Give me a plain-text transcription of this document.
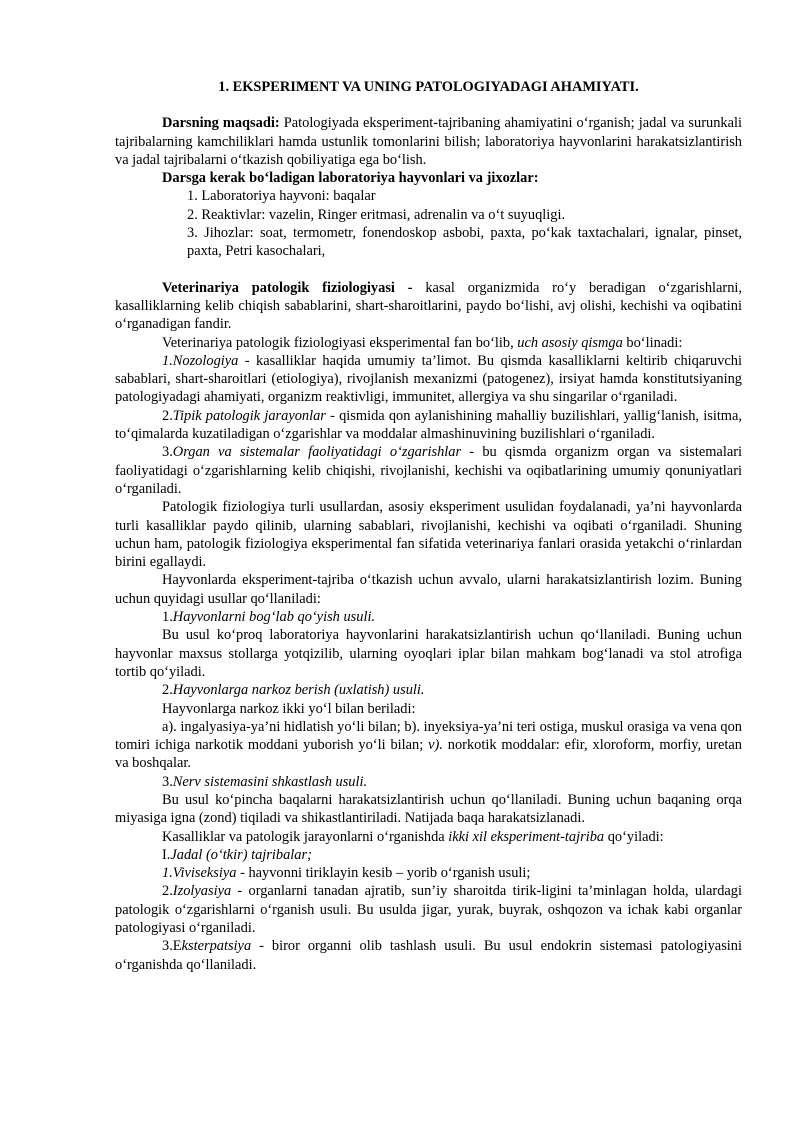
1. EKSPERIMENT VA UNING PATOLOGIYADAGI AHAMIYATI.

Darsning maqsadi: Patologiyada eksperiment-tajribaning ahamiyatini o‘rganish; jadal va surunkali tajribalarning kamchiliklari hamda ustunlik tomonlarini bilish; laboratoriya hayvonlarini harakatsizlantirish va jadal tajribalarni o‘tkazish qobiliyatiga ega bo‘lish.

Darsga kerak bo‘ladigan laboratoriya hayvonlari va jixozlar:

1. Laboratoriya hayvoni: baqalar

2. Reaktivlar: vazelin, Ringer eritmasi, adrenalin va o‘t suyuqligi.

3. Jihozlar: soat, termometr, fonendoskop asbobi, paxta, po‘kak taxtachalari, ignalar, pinset, paxta, Petri kasochalari,

Veterinariya patologik fiziologiyasi - kasal organizmida ro‘y beradigan o‘zgarishlarni, kasalliklarning kelib chiqish sabablarini, shart-sharoitlarini, paydo bo‘lishi, avj olishi, kechishi va oqibatini o‘rganadigan fandir.

Veterinariya patologik fiziologiyasi eksperimental fan bo‘lib, uch asosiy qismga bo‘linadi:

1.Nozologiya - kasalliklar haqida umumiy ta’limot. Bu qismda kasalliklarni keltirib chiqaruvchi sabablari, shart-sharoitlari (etiologiya), rivojlanish mexanizmi (patogenez), irsiyat hamda konstitutsiyaning patologiyadagi ahamiyati, organizm reaktivligi, immunitet, allergiya va shu singarilar o‘rganiladi.

2.Tipik patologik jarayonlar - qismida qon aylanishining mahalliy buzilishlari, yallig‘lanish, isitma, to‘qimalarda kuzatiladigan o‘zgarishlar va moddalar almashinuvining buzilishlari o‘rganiladi.

3.Organ va sistemalar faoliyatidagi o‘zgarishlar - bu qismda organizm organ va sistemalari faoliyatidagi o‘zgarishlarning kelib chiqishi, rivojlanishi, kechishi va oqibatlarining umumiy qonuniyatlari o‘rganiladi.

Patologik fiziologiya turli usullardan, asosiy eksperiment usulidan foydalanadi, ya’ni hayvonlarda turli kasalliklar paydo qilinib, ularning sabablari, rivojlanishi, kechishi va oqibati o‘rganiladi. Shuning uchun ham, patologik fiziologiya eksperimental fan sifatida veterinariya fanlari orasida yetakchi o‘rinlardan birini egallaydi.

Hayvonlarda eksperiment-tajriba o‘tkazish uchun avvalo, ularni harakatsizlantirish lozim. Buning uchun quyidagi usullar qo‘llaniladi:

1.Hayvonlarni bog‘lab qo‘yish usuli.

Bu usul ko‘proq laboratoriya hayvonlarini harakatsizlantirish uchun qo‘llaniladi. Buning uchun hayvonlar maxsus stollarga yotqizilib, ularning oyoqlari iplar bilan mahkam bog‘lanadi va stol atrofiga tortib qo‘yiladi.

2.Hayvonlarga narkoz berish (uxlatish) usuli.

Hayvonlarga narkoz ikki yo‘l bilan beriladi:

a). ingalyasiya-ya’ni hidlatish yo‘li bilan; b). inyeksiya-ya’ni teri ostiga, muskul orasiga va vena qon tomiri ichiga narkotik moddani yuborish yo‘li bilan; v). norkotik moddalar: efir, xloroform, morfiy, uretan va boshqalar.

3.Nerv sistemasini shkastlash usuli.

Bu usul ko‘pincha baqalarni harakatsizlantirish uchun qo‘llaniladi. Buning uchun baqaning orqa miyasiga igna (zond) tiqiladi va shikastlantiriladi. Natijada baqa harakatsizlanadi.

Kasalliklar va patologik jarayonlarni o‘rganishda ikki xil eksperiment-tajriba qo‘yiladi:

I.Jadal (o‘tkir) tajribalar;

1.Viviseksiya - hayvonni tiriklayin kesib – yorib o‘rganish usuli;

2.Izolyasiya - organlarni tanadan ajratib, sun’iy sharoitda tirik-ligini ta’minlagan holda, ulardagi patologik o‘zgarishlarni o‘rganish usuli. Bu usulda jigar, yurak, buyrak, oshqozon va ichak kabi organlar patologiyasi o‘rganiladi.

3.Eksterpatsiya - biror organni olib tashlash usuli. Bu usul endokrin sistemasi patologiyasini o‘rganishda qo‘llaniladi.
